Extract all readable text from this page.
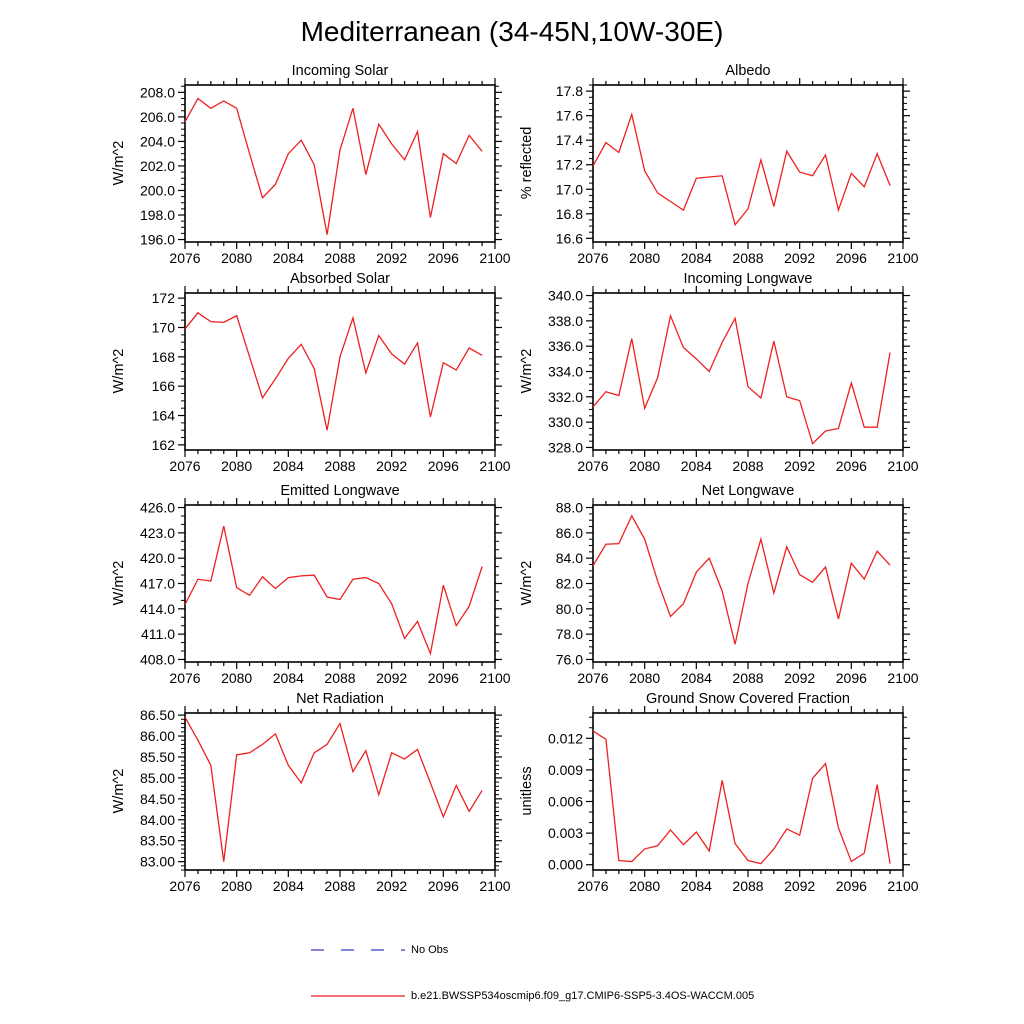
Mediterranean (34-45N,10W-30E)
Incoming Solar
W/m^2
2076 2080 2084 2088 2092 2096 2100
196.0
198.0
200.0
202.0
204.0
206.0
208.0
Albedo
% reflected
2076 2080 2084 2088 2092 2096 2100
16.6
16.8
17.0
17.2
17.4
17.6
17.8
Absorbed Solar
W/m^2
2076 2080 2084 2088 2092 2096 2100
162
164
166
168
170
172
Incoming Longwave
W/m^2
2076 2080 2084 2088 2092 2096 2100
328.0
330.0
332.0
334.0
336.0
338.0
340.0
Emitted Longwave
W/m^2
2076 2080 2084 2088 2092 2096 2100
408.0
411.0
414.0
417.0
420.0
423.0
426.0
Net Longwave
W/m^2
2076 2080 2084 2088 2092 2096 2100
76.0
78.0
80.0
82.0
84.0
86.0
88.0
Net Radiation
W/m^2
2076 2080 2084 2088 2092 2096 2100
83.00
83.50
84.00
84.50
85.00
85.50
86.00
86.50
Ground Snow Covered Fraction
unitless
2076 2080 2084 2088 2092 2096 2100
0.000
0.003
0.006
0.009
0.012
No Obs
b.e21.BWSSP534oscmip6.f09_g17.CMIP6-SSP5-3.4OS-WACCM.005
